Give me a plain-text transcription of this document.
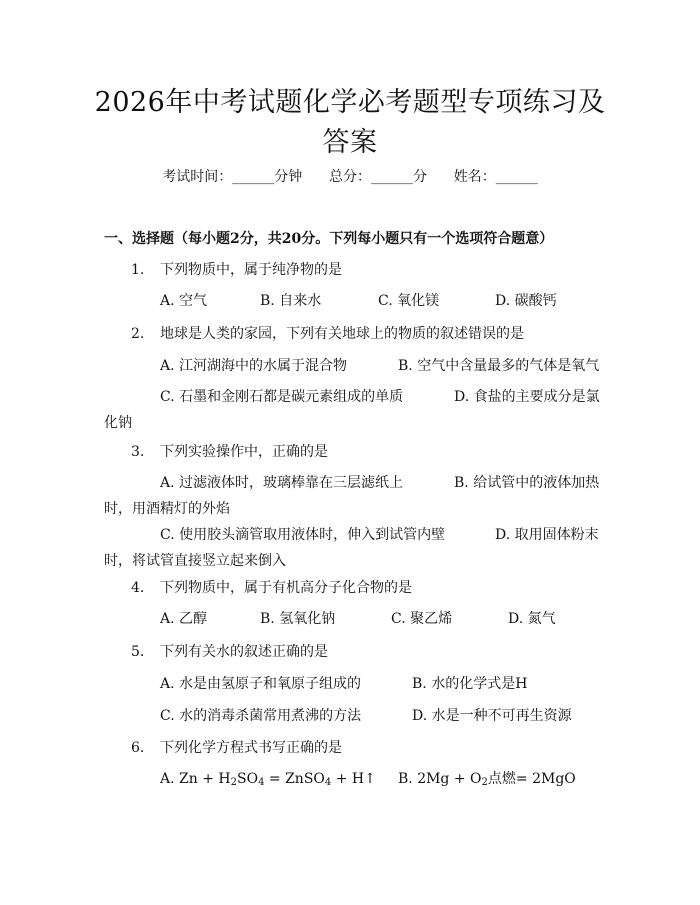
2026年中考试题化学必考题型专项练习及答案
考试时间：______分钟 总分：______分 姓名：______
一、选择题（每小题2分，共20分。下列每小题只有一个选项符合题意）
1. 下列物质中，属于纯净物的是
A. 空气	B. 自来水	C. 氧化镁	D. 碳酸钙
2. 地球是人类的家园，下列有关地球上的物质的叙述错误的是
A. 江河湖海中的水属于混合物	B. 空气中含量最多的气体是氧气
C. 石墨和金刚石都是碳元素组成的单质	D. 食盐的主要成分是氯
化钠
3. 下列实验操作中，正确的是
A. 过滤液体时，玻璃棒靠在三层滤纸上	B. 给试管中的液体加热
时，用酒精灯的外焰
C. 使用胶头滴管取用液体时，伸入到试管内壁	D. 取用固体粉末
时，将试管直接竖立起来倒入
4. 下列物质中，属于有机高分子化合物的是
A. 乙醇	B. 氢氧化钠	C. 聚乙烯	D. 氮气
5. 下列有关水的叙述正确的是
A. 水是由氢原子和氧原子组成的	B. 水的化学式是H
C. 水的消毒杀菌常用煮沸的方法	D. 水是一种不可再生资源
6. 下列化学方程式书写正确的是
A. $Zn + H_2SO_4$ = ZnSO$_4$ + H↑ B. $2Mg + O_2$点燃= 2MgO
